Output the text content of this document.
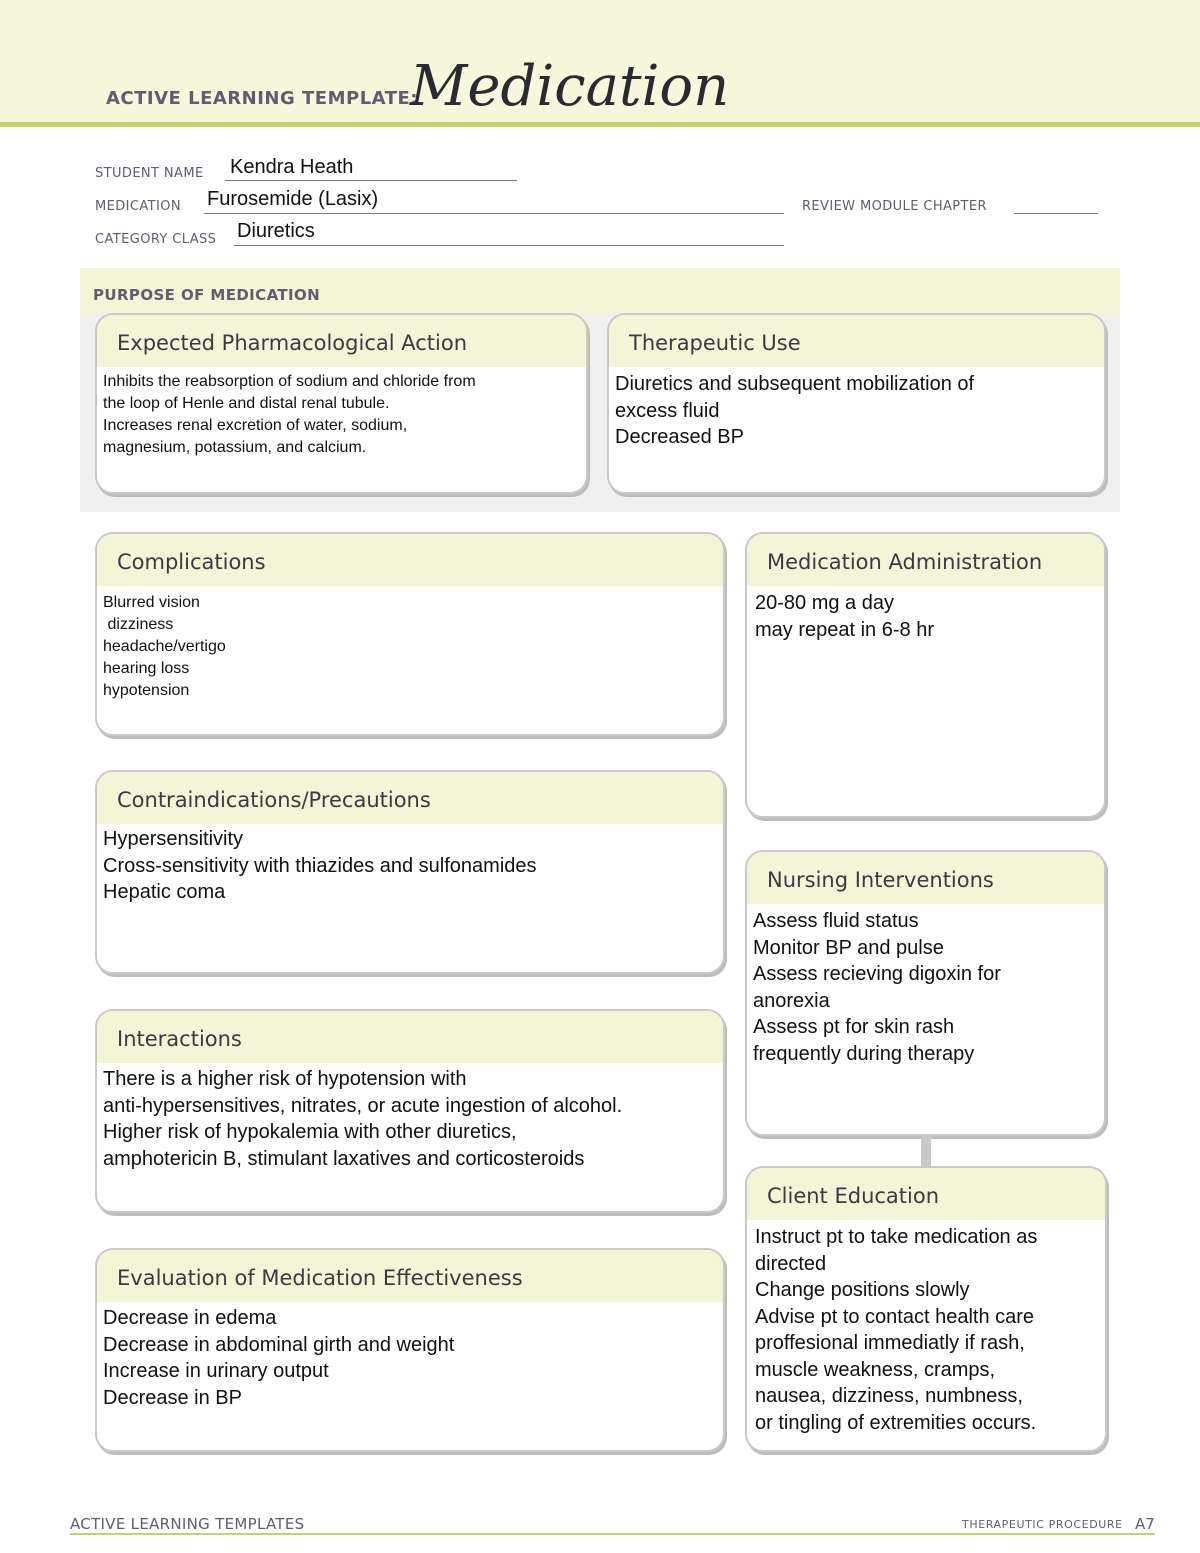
ACTIVE LEARNING TEMPLATE:
Medication
STUDENT NAME Kendra Heath
MEDICATION Furosemide (Lasix)	REVIEW MODULE CHAPTER
CATEGORY CLASS Diuretics
PURPOSE OF MEDICATION
Expected Pharmacological Action
Inhibits the reabsorption of sodium and chloride from
the loop of Henle and distal renal tubule.
Increases renal excretion of water, sodium,
magnesium, potassium, and calcium.
Therapeutic Use
Diuretics and subsequent mobilization of
excess fluid
Decreased BP
Complications
Blurred vision
dizziness
headache/vertigo
hearing loss
hypotension
Medication Administration
20-80 mg a day
may repeat in 6-8 hr
Contraindications/Precautions
Hypersensitivity
Cross-sensitivity with thiazides and sulfonamides
Hepatic coma	Nursing Interventions
Assess fluid status
Monitor BP and pulse
Assess recieving digoxin for
anorexia
Assess pt for skin rash
frequently during therapy
Interactions
There is a higher risk of hypotension with
anti-hypersensitives, nitrates, or acute ingestion of alcohol.
Higher risk of hypokalemia with other diuretics,
amphotericin B, stimulant laxatives and corticosteroids
Client Education
Instruct pt to take medication as
directed
Change positions slowly
Advise pt to contact health care
proffesional immediatly if rash,
muscle weakness, cramps,
nausea, dizziness, numbness,
or tingling of extremities occurs.
Evaluation of Medication Effectiveness
Decrease in edema
Decrease in abdominal girth and weight
Increase in urinary output
Decrease in BP
ACTIVE LEARNING TEMPLATES	THERAPEUTIC PROCEDURE A7
